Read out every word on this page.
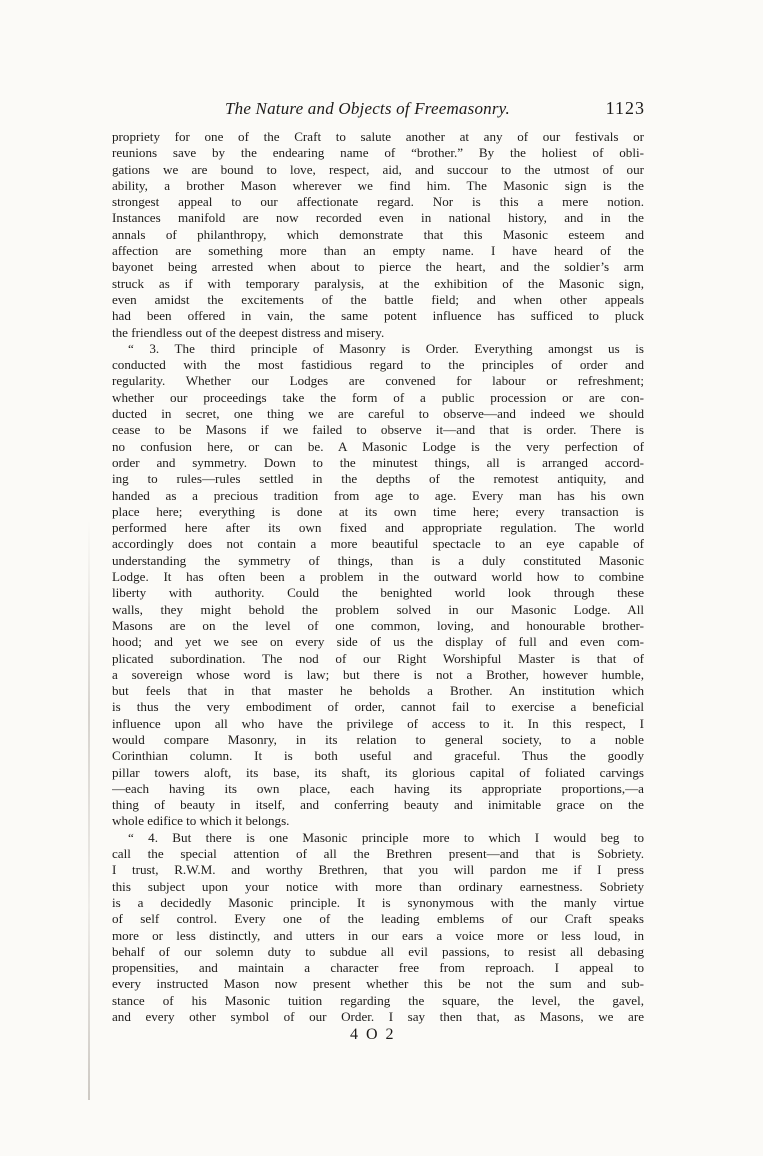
The Nature and Objects of Freemasonry.	1123
propriety for one of the Craft to salute another at any of our festivals or
reunions save by the endearing name of “brother.” By the holiest of obli-
gations we are bound to love, respect, aid, and succour to the utmost of our
ability, a brother Mason wherever we find him. The Masonic sign is the
strongest appeal to our affectionate regard. Nor is this a mere notion.
Instances manifold are now recorded even in national history, and in the
annals of philanthropy, which demonstrate that this Masonic esteem and
affection are something more than an empty name. I have heard of the
bayonet being arrested when about to pierce the heart, and the soldier’s arm
struck as if with temporary paralysis, at the exhibition of the Masonic sign,
even amidst the excitements of the battle field; and when other appeals
had been offered in vain, the same potent influence has sufficed to pluck
the friendless out of the deepest distress and misery.
“ 3. The third principle of Masonry is Order. Everything amongst us is
conducted with the most fastidious regard to the principles of order and
regularity. Whether our Lodges are convened for labour or refreshment;
whether our proceedings take the form of a public procession or are con-
ducted in secret, one thing we are careful to observe—and indeed we should
cease to be Masons if we failed to observe it—and that is order. There is
no confusion here, or can be. A Masonic Lodge is the very perfection of
order and symmetry. Down to the minutest things, all is arranged accord-
ing to rules—rules settled in the depths of the remotest antiquity, and
handed as a precious tradition from age to age. Every man has his own
place here; everything is done at its own time here; every transaction is
performed here after its own fixed and appropriate regulation. The world
accordingly does not contain a more beautiful spectacle to an eye capable of
understanding the symmetry of things, than is a duly constituted Masonic
Lodge. It has often been a problem in the outward world how to combine
liberty with authority. Could the benighted world look through these
walls, they might behold the problem solved in our Masonic Lodge. All
Masons are on the level of one common, loving, and honourable brother-
hood; and yet we see on every side of us the display of full and even com-
plicated subordination. The nod of our Right Worshipful Master is that of
a sovereign whose word is law; but there is not a Brother, however humble,
but feels that in that master he beholds a Brother. An institution which
is thus the very embodiment of order, cannot fail to exercise a beneficial
influence upon all who have the privilege of access to it. In this respect, I
would compare Masonry, in its relation to general society, to a noble
Corinthian column. It is both useful and graceful. Thus the goodly
pillar towers aloft, its base, its shaft, its glorious capital of foliated carvings
—each having its own place, each having its appropriate proportions,—a
thing of beauty in itself, and conferring beauty and inimitable grace on the
whole edifice to which it belongs.
“ 4. But there is one Masonic principle more to which I would beg to
call the special attention of all the Brethren present—and that is Sobriety.
I trust, R.W.M. and worthy Brethren, that you will pardon me if I press
this subject upon your notice with more than ordinary earnestness. Sobriety
is a decidedly Masonic principle. It is synonymous with the manly virtue
of self control. Every one of the leading emblems of our Craft speaks
more or less distinctly, and utters in our ears a voice more or less loud, in
behalf of our solemn duty to subdue all evil passions, to resist all debasing
propensities, and maintain a character free from reproach. I appeal to
every instructed Mason now present whether this be not the sum and sub-
stance of his Masonic tuition regarding the square, the level, the gavel,
and every other symbol of our Order. I say then that, as Masons, we are
4 O 2
